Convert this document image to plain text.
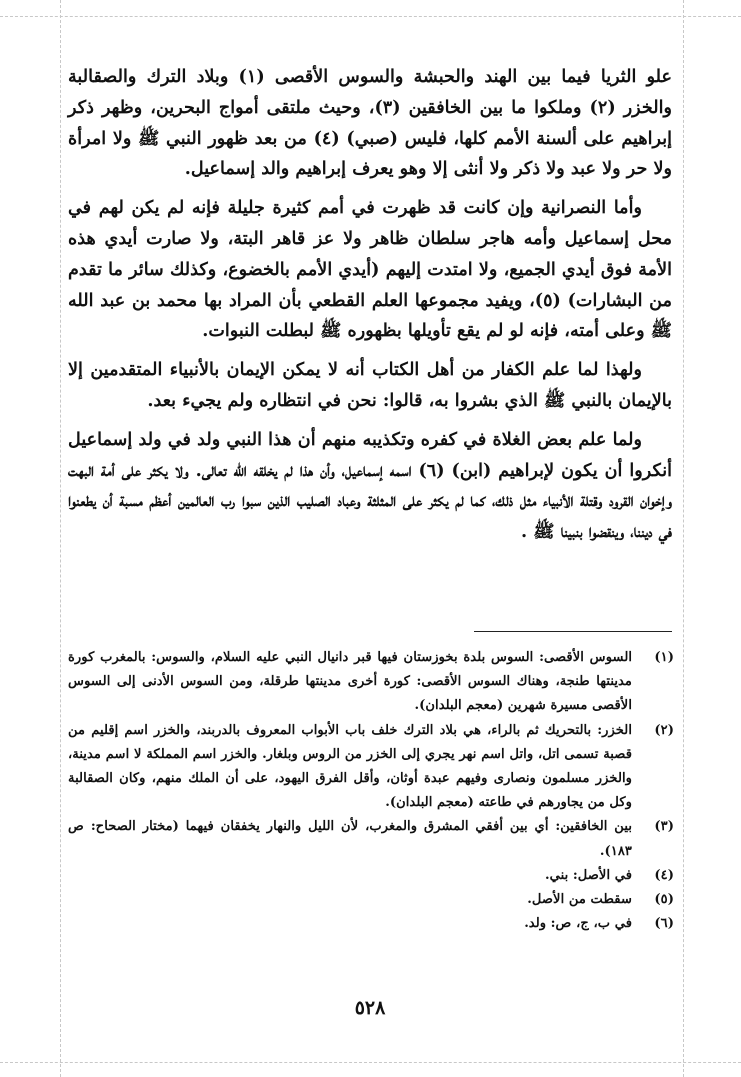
علو الثريا فيما بين الهند والحبشة والسوس الأقصى (١) وبلاد الترك والصقالبة والخزر (٢) وملكوا ما بين الخافقين (٣)، وحيث ملتقى أمواج البحرين، وظهر ذكر إبراهيم على ألسنة الأمم كلها، فليس (صبي) (٤) من بعد ظهور النبي ﷺ ولا امرأة ولا حر ولا عبد ولا ذكر ولا أنثى إلا وهو يعرف إبراهيم والد إسماعيل.

وأما النصرانية وإن كانت قد ظهرت في أمم كثيرة جليلة فإنه لم يكن لهم في محل إسماعيل وأمه هاجر سلطان ظاهر ولا عز قاهر البتة، ولا صارت أيدي هذه الأمة فوق أيدي الجميع، ولا امتدت إليهم (أيدي الأمم بالخضوع، وكذلك سائر ما تقدم من البشارات) (٥)، ويفيد مجموعها العلم القطعي بأن المراد بها محمد بن عبد الله ﷺ وعلى أمته، فإنه لو لم يقع تأويلها بظهوره ﷺ لبطلت النبوات.

ولهذا لما علم الكفار من أهل الكتاب أنه لا يمكن الإيمان بالأنبياء المتقدمين إلا بالإيمان بالنبي ﷺ الذي بشروا به، قالوا: نحن في انتظاره ولم يجيء بعد.

ولما علم بعض الغلاة في كفره وتكذيبه منهم أن هذا النبي ولد في ولد إسماعيل أنكروا أن يكون لإبراهيم (ابن) (٦) اسمه إسماعيل، وأن هذا لم يخلقه الله تعالى. ولا يكثر على أمة البهت وإخوان القرود وقتلة الأنبياء مثل ذلك، كما لم يكثر على المثلثة وعباد الصليب الذين سبوا رب العالمين أعظم مسبة أن يطعنوا في ديننا، وينقضوا بنبينا ﷺ .

(١)
السوس الأقصى: السوس بلدة بخوزستان فيها قبر دانيال النبي عليه السلام، والسوس: بالمغرب كورة مدينتها طنجة، وهناك السوس الأقصى: كورة أخرى مدينتها طرقلة، ومن السوس الأدنى إلى السوس الأقصى مسيرة شهرين (معجم البلدان).
(٢)
الخزر: بالتحريك ثم بالراء، هي بلاد الترك خلف باب الأبواب المعروف بالدربند، والخزر اسم إقليم من قصبة تسمى اتل، واتل اسم نهر يجري إلى الخزر من الروس وبلغار. والخزر اسم المملكة لا اسم مدينة، والخزر مسلمون ونصارى وفيهم عبدة أوثان، وأقل الفرق اليهود، على أن الملك منهم، وكان الصقالبة وكل من يجاورهم في طاعته (معجم البلدان).
(٣)
بين الخافقين: أي بين أفقي المشرق والمغرب، لأن الليل والنهار يخفقان فيهما (مختار الصحاح: ص ١٨٣).
(٤)
في الأصل: بني.
(٥)
سقطت من الأصل.
(٦)
في ب، ج، ص: ولد.
٥٢٨
